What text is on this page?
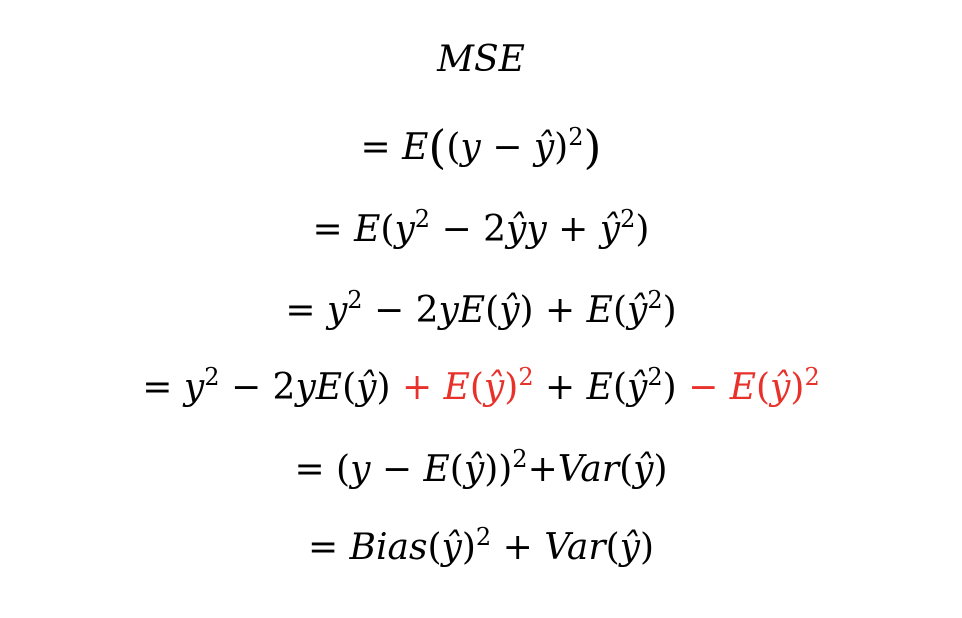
MSE
= E((y − ŷ)$^2$)
= $E(y^2$ − 2ŷy + $ŷ^2$)
= $y^2$ − 2yE(ŷ) + $E(ŷ^2)$
= $y^2$ − 2yE(ŷ) + E(ŷ)$^2$ + $E(ŷ^2)$ − E(ŷ)$^2$
= (y − E(ŷ))$^2$+Var(ŷ)
= Bias(ŷ)$^2$ + Var(ŷ)
